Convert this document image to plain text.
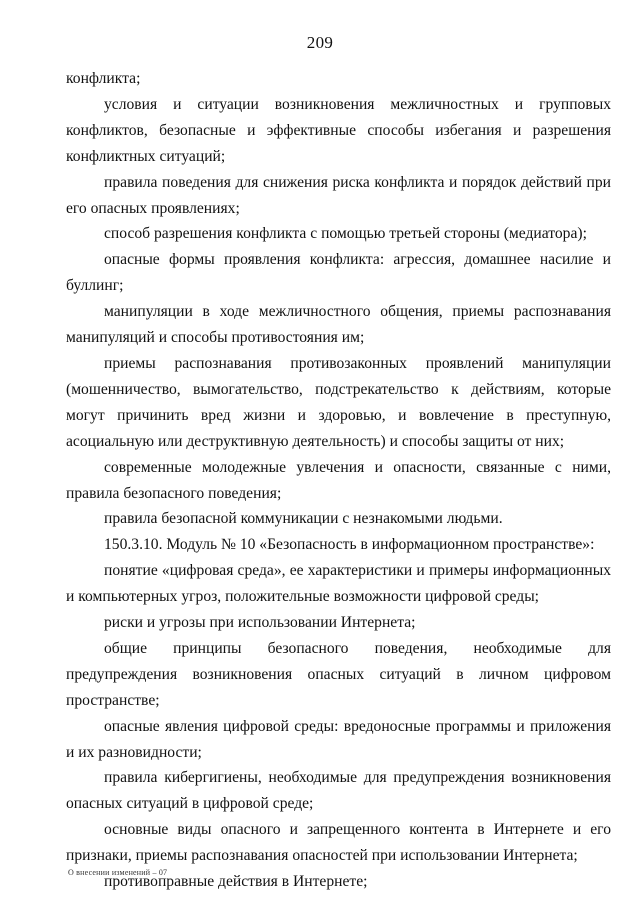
209

конфликта;

условия и ситуации возникновения межличностных и групповых конфликтов, безопасные и эффективные способы избегания и разрешения конфликтных ситуаций;

правила поведения для снижения риска конфликта и порядок действий при его опасных проявлениях;

способ разрешения конфликта с помощью третьей стороны (медиатора);

опасные формы проявления конфликта: агрессия, домашнее насилие и буллинг;

манипуляции в ходе межличностного общения, приемы распознавания манипуляций и способы противостояния им;

приемы распознавания противозаконных проявлений манипуляции (мошенничество, вымогательство, подстрекательство к действиям, которые могут причинить вред жизни и здоровью, и вовлечение в преступную, асоциальную или деструктивную деятельность) и способы защиты от них;

современные молодежные увлечения и опасности, связанные с ними, правила безопасного поведения;

правила безопасной коммуникации с незнакомыми людьми.

150.3.10. Модуль № 10 «Безопасность в информационном пространстве»:

понятие «цифровая среда», ее характеристики и примеры информационных и компьютерных угроз, положительные возможности цифровой среды;

риски и угрозы при использовании Интернета;

общие принципы безопасного поведения, необходимые для предупреждения возникновения опасных ситуаций в личном цифровом пространстве;

опасные явления цифровой среды: вредоносные программы и приложения и их разновидности;

правила кибергигиены, необходимые для предупреждения возникновения опасных ситуаций в цифровой среде;

основные виды опасного и запрещенного контента в Интернете и его признаки, приемы распознавания опасностей при использовании Интернета;

противоправные действия в Интернете;

О внесении изменений – 07
